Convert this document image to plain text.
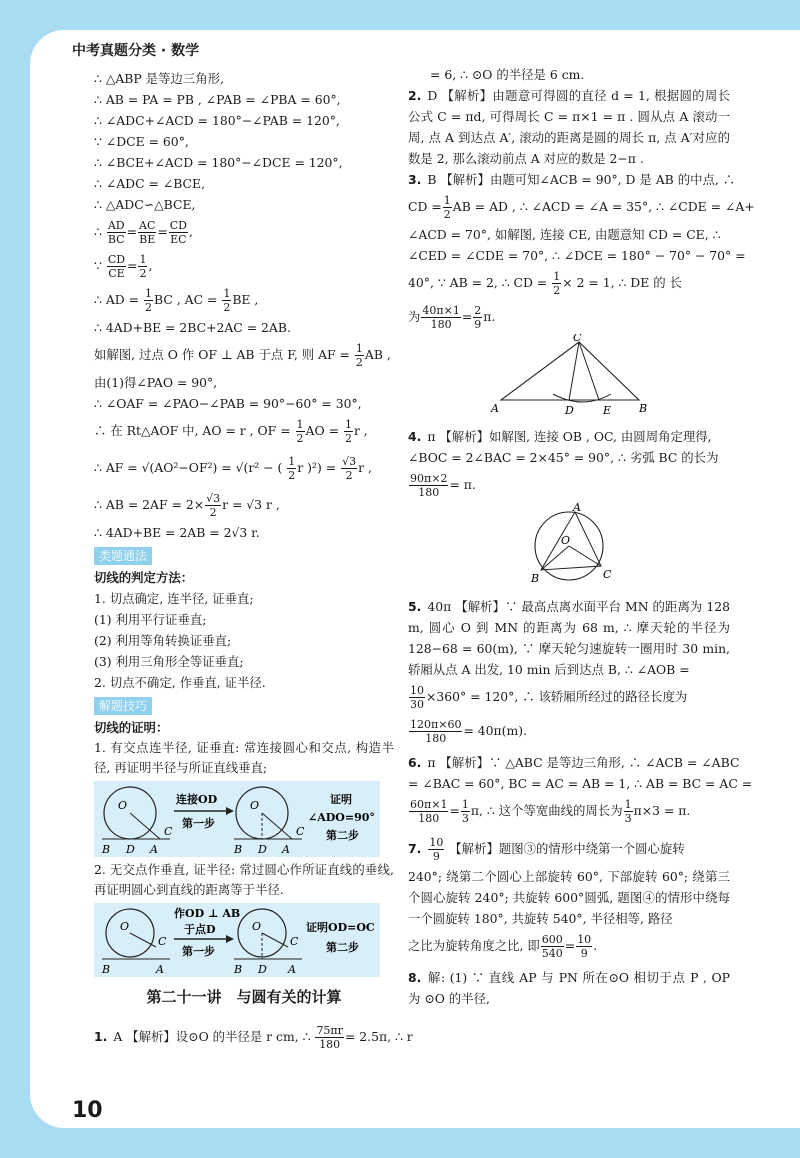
中考真题分类 · 数学
∴ △ABP 是等边三角形,
∴ AB = PA = PB , ∠PAB = ∠PBA = 60°,
∴ ∠ADC+∠ACD = 180°−∠PAB = 120°,
∵ ∠DCE = 60°,
∴ ∠BCE+∠ACD = 180°−∠DCE = 120°,
∴ ∠ADC = ∠BCE,
∴ △ADC∽△BCE,
∴ $\frac{AD}{BC} = \frac{AC}{BE} = \frac{CD}{EC}$ ,
∵ $\frac{CD}{CE} = \frac{1}{2}$ ,
∴ AD = $\frac{1}{2}$ BC , AC = $\frac{1}{2}$ BE ,
∴ 4AD+BE = 2BC+2AC = 2AB.
如解图, 过点 O 作 OF ⊥ AB 于点 F, 则 AF = $\frac{1}{2}$ AB ,
由(1)得∠PAO = 90°,
∴ ∠OAF = ∠PAO−∠PAB = 90°−60° = 30°,
∴ 在 Rt△AOF 中, AO = r , OF = $\frac{1}{2}$ AO = $\frac{1}{2}$ r ,
∴ AF = √(AO²−OF²) = √(r² − ( $\frac{1}{2}$ r )$^2) = \frac{√3}{2}$ r ,
∴ AB = $2AF = 2\times \frac{√3}{2}$ r = √3 r ,
∴ 4AD+BE = 2AB = 2√3 r.
类题通法
切线的判定方法：
1. 切点确定, 连半径, 证垂直;
(1) 利用平行证垂直;
(2) 利用等角转换证垂直;
(3) 利用三角形全等证垂直;
2. 切点不确定, 作垂直, 证半径.
解题技巧
切线的证明：
1. 有交点连半径, 证垂直: 常连接圆心和交点, 构造半径, 再证明半径与所证直线垂直;
O
B D A
C
连接OD
第一步
O
B D A
C
证明
∠ADO=90°
第二步
2. 无交点作垂直, 证半径: 常过圆心作所证直线的垂线, 再证明圆心到直线的距离等于半径.
O
B	A
C
作OD ⊥ AB
于点D
第一步
O
B D A
C
证明OD=OC
第二步
第二十一讲　与圆有关的计算
1. A 【解析】设⊙O 的半径是 r cm, ∴ $\frac{75\pi r}{180} = 2.5\pi$, ∴ r
= 6, ∴ ⊙O 的半径是 6 cm.
2. D 【解析】由题意可得圆的直径 d = 1, 根据圆的周长公式 C = πd, 可得周长 C = π×1 = π . 圆从点 A 滚动一周, 点 A 到达点 A′, 滚动的距离是圆的周长 π, 点 A′对应的数是 2, 那么滚动前点 A 对应的数是 2−π .
3. B 【解析】由题可知∠ACB = 90°, D 是 AB 的中点, ∴
CD = $\frac{1}{2}$ AB = AD , ∴ ∠ACD = ∠A = 35°, ∴ ∠CDE = ∠A+
∠ACD = 70°, 如解图, 连接 CE, 由题意知 CD = CE, ∴
∠CED = ∠CDE = 70°, ∴ ∠DCE = 180° − 70° − 70° =
40°, ∵ AB = 2, ∴ CD = $\frac{1}{2} \times 2 = 1$, ∴ DE 的 长
为 $\frac{40\pi\times 1}{180} = \frac{2}{9} \pi$.
C
A	B
D	E
4. π 【解析】如解图, 连接 OB , OC, 由圆周角定理得,
∠BOC = 2∠BAC = 2×45° = 90°, ∴ 劣弧 BC 的长为
$\frac{90\pi\times 2}{180} = \pi$.
A
B	C
O
5. 40π 【解析】∵ 最高点离水面平台 MN 的距离为 128 m, 圆心 O 到 MN 的距离为 68 m, ∴ 摩天轮的半径为 128−68 = 60(m), ∵ 摩天轮匀速旋转一圈用时 30 min, 轿厢从点 A 出发, 10 min 后到达点 B, ∴ ∠AOB =
$\frac{10}{30} \times 360^\circ = 120^\circ$, ∴ 该轿厢所经过的路径长度为
$\frac{120\pi\times 60}{180} = 40\pi(m)$.
6. π 【解析】∵ △ABC 是等边三角形, ∴ ∠ACB = ∠ABC
= ∠BAC = 60°, BC = AC = AB = 1, ∴ AB = BC = AC =
$\frac{60\pi\times 1}{180} = \frac{1}{3} \pi$, ∴ 这个等宽曲线的周长为 $\frac{1}{3} \pi\times 3 = \pi$.
7. $\frac{10}{9}$ 【解析】题图③的情形中绕第一个圆心旋转
240°; 绕第二个圆心上部旋转 60°, 下部旋转 60°; 绕第三个圆心旋转 240°; 共旋转 600°圆弧, 题图④的情形中绕每一个圆旋转 180°, 共旋转 540°, 半径相等, 路径
之比为旋转角度之比, 即 $\frac{600}{540} = \frac{10}{9}$ .
8. 解: (1) ∵ 直线 AP 与 PN 所在⊙O 相切于点 P , OP 为 ⊙O 的半径,
10
